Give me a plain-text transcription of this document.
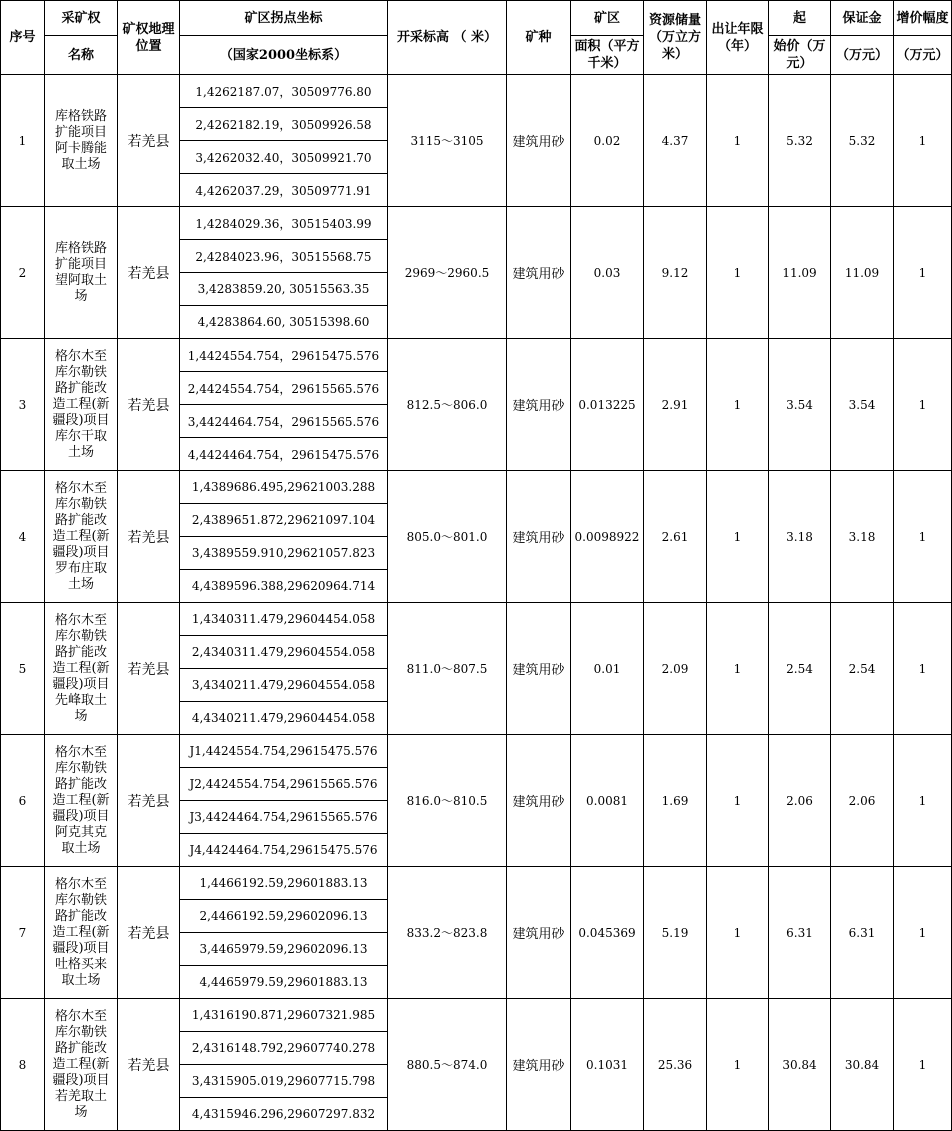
序号	采矿权	矿权地理位置	矿区拐点坐标	开采标高 （ 米）	矿种	矿区	资源储量（万立方米）	出让年限（年）	起	保证金	增价幅度

	名称		（国家2000坐标系）			面积（平方千米）			始价（万元）	（万元）	（万元）

1	库格铁路扩能项目阿卡腾能取土场	若羌县	1,4262187.07，30509776.80	3115～3105	建筑用砂	0.02	4.37	1	5.32	5.32	1
			2,4262182.19，30509926.58								
			3,4262032.40，30509921.70								
			4,4262037.29，30509771.91								
2	库格铁路扩能项目望阿取土场	若羌县	1,4284029.36，30515403.99	2969～2960.5	建筑用砂	0.03	9.12	1	11.09	11.09	1
			2,4284023.96，30515568.75								
			3,4283859.20, 30515563.35								
			4,4283864.60, 30515398.60								
3	格尔木至库尔勒铁路扩能改造工程(新疆段)项目库尔干取土场	若羌县	1,4424554.754，29615475.576	812.5～806.0	建筑用砂	0.013225	2.91	1	3.54	3.54	1
			2,4424554.754，29615565.576								
			3,4424464.754，29615565.576								
			4,4424464.754，29615475.576								
4	格尔木至库尔勒铁路扩能改造工程(新疆段)项目罗布庄取土场	若羌县	1,4389686.495,29621003.288	805.0～801.0	建筑用砂	0.0098922	2.61	1	3.18	3.18	1
			2,4389651.872,29621097.104								
			3,4389559.910,29621057.823								
			4,4389596.388,29620964.714								
5	格尔木至库尔勒铁路扩能改造工程(新疆段)项目先峰取土场	若羌县	1,4340311.479,29604454.058	811.0～807.5	建筑用砂	0.01	2.09	1	2.54	2.54	1
			2,4340311.479,29604554.058								
			3,4340211.479,29604554.058								
			4,4340211.479,29604454.058								
6	格尔木至库尔勒铁路扩能改造工程(新疆段)项目阿克其克取土场	若羌县	J1,4424554.754,29615475.576	816.0～810.5	建筑用砂	0.0081	1.69	1	2.06	2.06	1
			J2,4424554.754,29615565.576								
			J3,4424464.754,29615565.576								
			J4,4424464.754,29615475.576								
7	格尔木至库尔勒铁路扩能改造工程(新疆段)项目吐格买来取土场	若羌县	1,4466192.59,29601883.13	833.2～823.8	建筑用砂	0.045369	5.19	1	6.31	6.31	1
			2,4466192.59,29602096.13								
			3,4465979.59,29602096.13								
			4,4465979.59,29601883.13								
8	格尔木至库尔勒铁路扩能改造工程(新疆段)项目若羌取土场	若羌县	1,4316190.871,29607321.985	880.5～874.0	建筑用砂	0.1031	25.36	1	30.84	30.84	1
			2,4316148.792,29607740.278								
			3,4315905.019,29607715.798								
			4,4315946.296,29607297.832								
